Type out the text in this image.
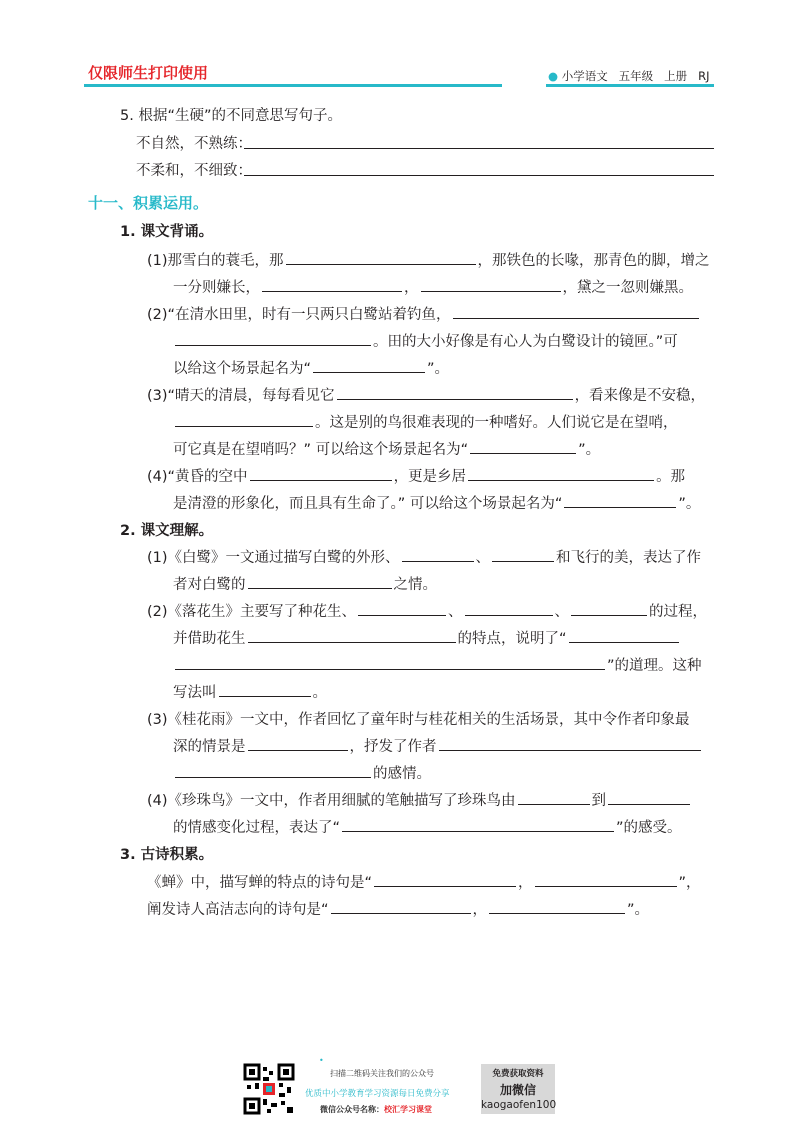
仅限师生打印使用	● 小学语文 五年级 上册 RJ
5. 根据“生硬”的不同意思写句子。
不自然，不熟练：
不柔和，不细致：
十一、积累运用。
1. 课文背诵。
(1)那雪白的蓑毛，那	，那铁色的长喙，那青色的脚，增之
一分则嫌长，	，	，黛之一忽则嫌黑。
(2)“在清水田里，时有一只两只白鹭站着钓鱼，
。田的大小好像是有心人为白鹭设计的镜匣。”可
以给这个场景起名为“	”。
(3)“晴天的清晨，每每看见它	，看来像是不安稳，
。这是别的鸟很难表现的一种嗜好。人们说它是在望哨，
可它真是在望哨吗？” 可以给这个场景起名为“	”。
(4)“黄昏的空中	，更是乡居	。那
是清澄的形象化，而且具有生命了。” 可以给这个场景起名为“	”。
2. 课文理解。
(1)《白鹭》一文通过描写白鹭的外形、	、	和飞行的美，表达了作
者对白鹭的	之情。
(2)《落花生》主要写了种花生、	、	、	的过程，
并借助花生	的特点，说明了“
”的道理。这种
写法叫	。
(3)《桂花雨》一文中，作者回忆了童年时与桂花相关的生活场景，其中令作者印象最
深的情景是	，抒发了作者
的感情。
(4)《珍珠鸟》一文中，作者用细腻的笔触描写了珍珠鸟由	到
的情感变化过程，表达了“	”的感受。
3. 古诗积累。
《蝉》中，描写蝉的特点的诗句是“	，	”，
阐发诗人高洁志向的诗句是“	，	”。
•
扫描二维码关注我们的公众号
优质中小学教育学习资源每日免费分享
微信公众号名称：校汇学习课堂
免费获取资料
加微信
kaogaofen100
